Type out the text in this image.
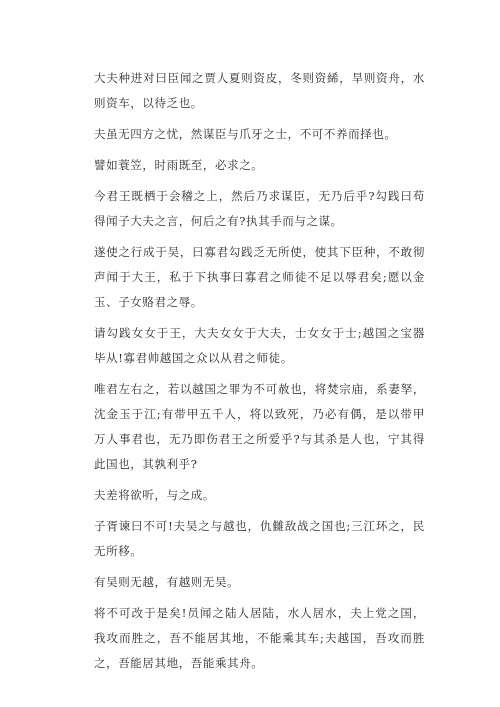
大夫种进对曰臣闻之贾人夏则资皮，冬则资絺，旱则资舟，水则资车，以待乏也。

夫虽无四方之忧，然谋臣与爪牙之士，不可不养而择也。

譬如蓑笠，时雨既至，必求之。

今君王既栖于会稽之上，然后乃求谋臣，无乃后乎?勾践曰苟得闻子大夫之言，何后之有?执其手而与之谋。

遂使之行成于吴，曰寡君勾践乏无所使，使其下臣种，不敢彻声闻于大王，私于下执事曰寡君之师徒不足以辱君矣;愿以金玉、子女赂君之辱。

请勾践女女于王，大夫女女于大夫，士女女于士;越国之宝器毕从!寡君帅越国之众以从君之师徒。

唯君左右之，若以越国之罪为不可赦也，将焚宗庙，系妻孥，沈金玉于江;有带甲五千人，将以致死，乃必有偶，是以带甲万人事君也，无乃即伤君王之所爱乎?与其杀是人也，宁其得此国也，其孰利乎?

夫差将欲听，与之成。

子胥谏曰不可!夫吴之与越也，仇雠敌战之国也;三江环之，民无所移。

有吴则无越，有越则无吴。

将不可改于是矣!员闻之陆人居陆，水人居水，夫上党之国，我攻而胜之，吾不能居其地，不能乘其车;夫越国，吾攻而胜之，吾能居其地，吾能乘其舟。
